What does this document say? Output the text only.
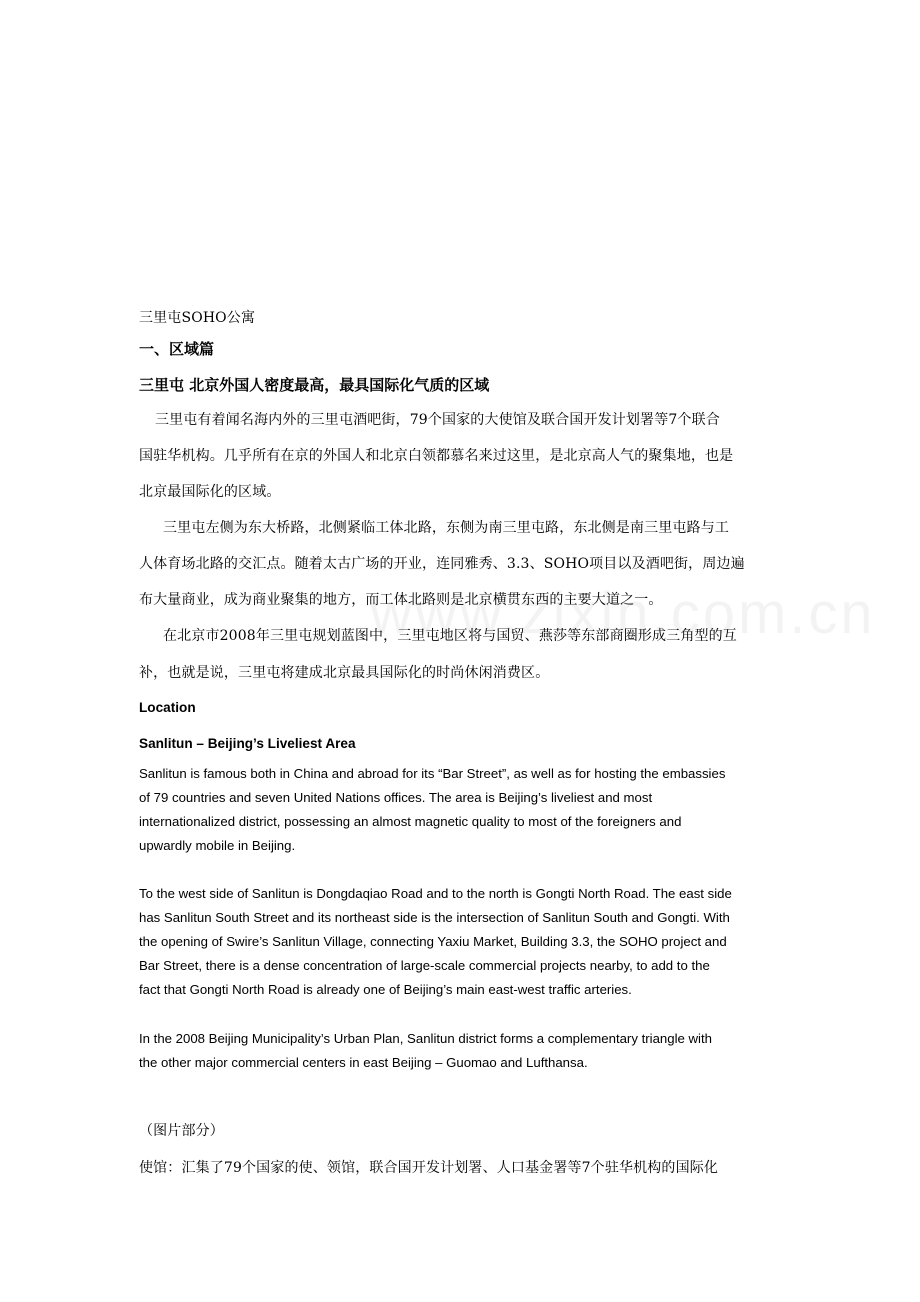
三里屯SOHO公寓

一、区域篇

三里屯 北京外国人密度最高，最具国际化气质的区域

三里屯有着闻名海内外的三里屯酒吧街，79个国家的大使馆及联合国开发计划署等7个联合

国驻华机构。几乎所有在京的外国人和北京白领都慕名来过这里，是北京高人气的聚集地，也是

北京最国际化的区域。

三里屯左侧为东大桥路，北侧紧临工体北路，东侧为南三里屯路，东北侧是南三里屯路与工

人体育场北路的交汇点。随着太古广场的开业，连同雅秀、3.3、SOHO项目以及酒吧街，周边遍

布大量商业，成为商业聚集的地方，而工体北路则是北京横贯东西的主要大道之一。

在北京市2008年三里屯规划蓝图中，三里屯地区将与国贸、燕莎等东部商圈形成三角型的互

补，也就是说，三里屯将建成北京最具国际化的时尚休闲消费区。

Location

Sanlitun – Beijing’s Liveliest Area

Sanlitun is famous both in China and abroad for its “Bar Street”, as well as for hosting the embassies

of 79 countries and seven United Nations offices. The area is Beijing’s liveliest and most

internationalized district, possessing an almost magnetic quality to most of the foreigners and

upwardly mobile in Beijing.

To the west side of Sanlitun is Dongdaqiao Road and to the north is Gongti North Road. The east side

has Sanlitun South Street and its northeast side is the intersection of Sanlitun South and Gongti. With

the opening of Swire’s Sanlitun Village, connecting Yaxiu Market, Building 3.3, the SOHO project and

Bar Street, there is a dense concentration of large-scale commercial projects nearby, to add to the

fact that Gongti North Road is already one of Beijing’s main east-west traffic arteries.

In the 2008 Beijing Municipality’s Urban Plan, Sanlitun district forms a complementary triangle with

the other major commercial centers in east Beijing – Guomao and Lufthansa.

（图片部分）

使馆：汇集了79个国家的使、领馆，联合国开发计划署、人口基金署等7个驻华机构的国际化
